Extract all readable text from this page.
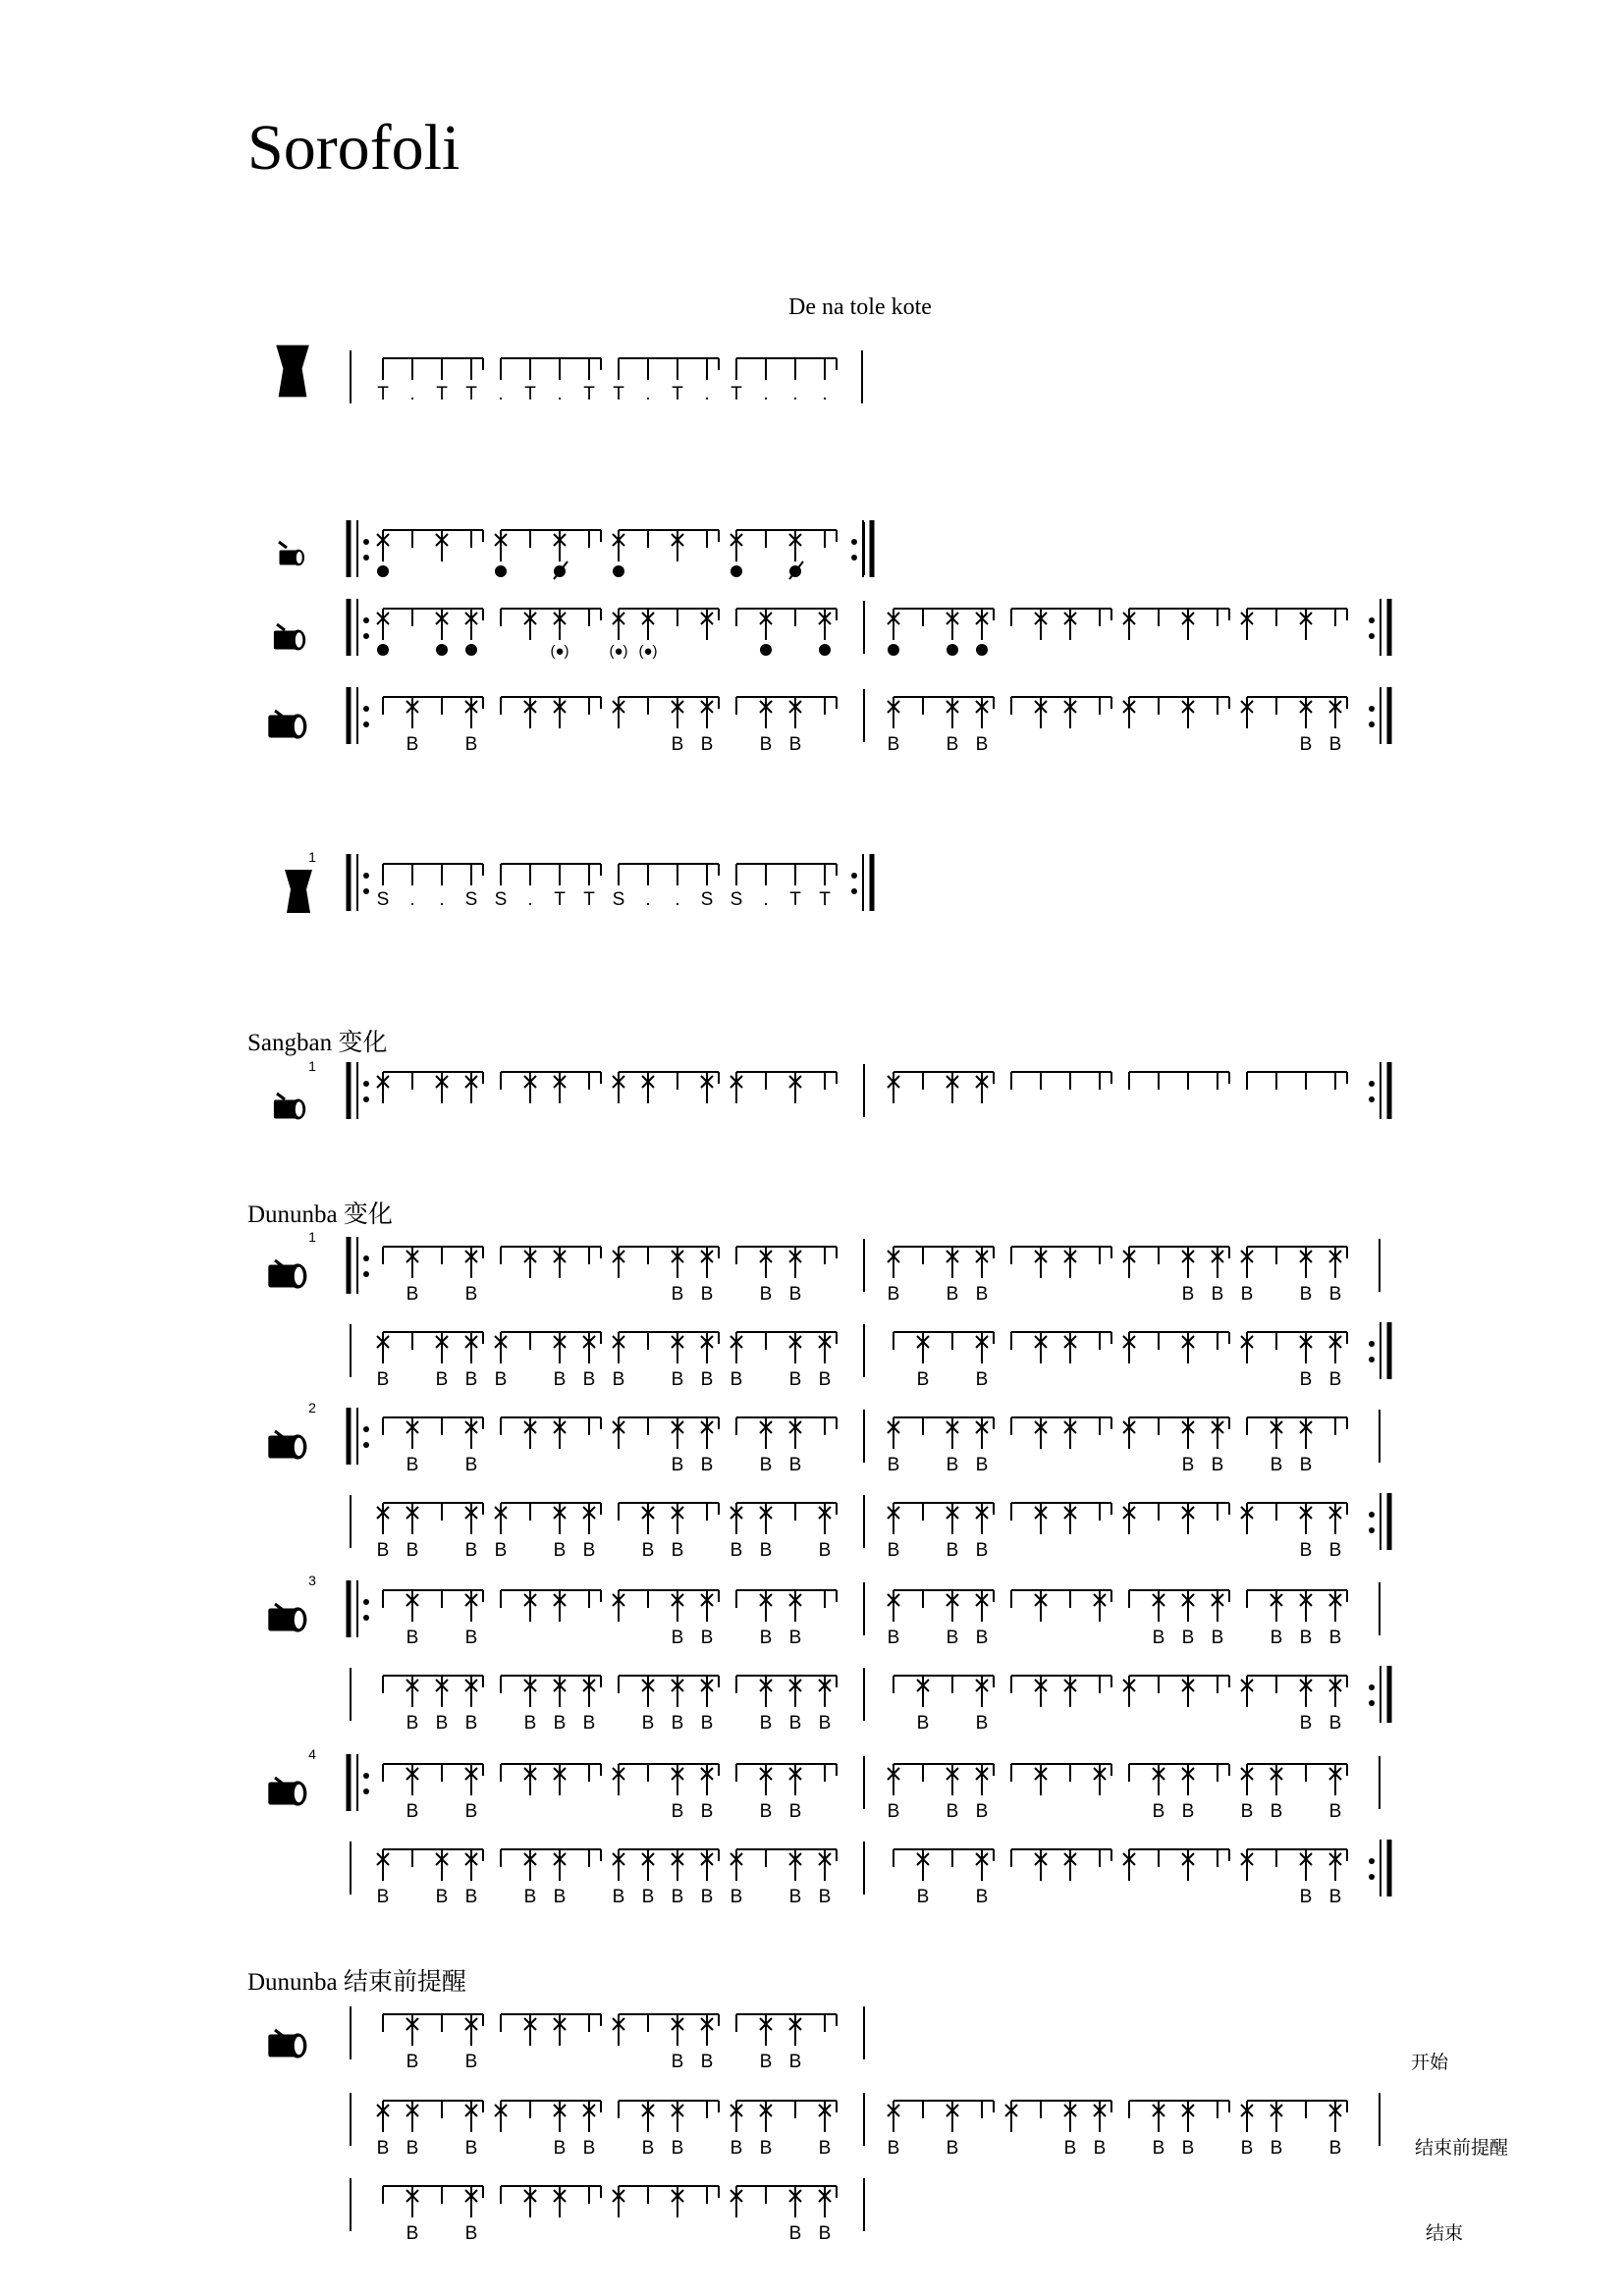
Sorofoli
De na tole kote
Sangban 变化
Dununba 变化
Dununba 结束前提醒
开始
结束前提醒
结束
T . T T . T . T T . T . T . . .
(●)	(●) (●)
B B	B B B B	B B B	B B
1
S . . S S . T T S . . S S . T T
1
1
B B	B B B B	B B B	B B B B B
B B B B B B B B B B B B	B B	B B
2
B B	B B B B	B B B	B B B B
B B B B B B B B B B B	B B B	B B
3
B B	B B B B	B B B	B B B B B B
B B B B B B B B B B B B	B B	B B
4
B B	B B B B	B B B	B B B B B
B B B B B B B B B B B B	B B	B B
B B	B B B B
B B B	B B B B B B B	B B	B B B B B B B
B B	B B
